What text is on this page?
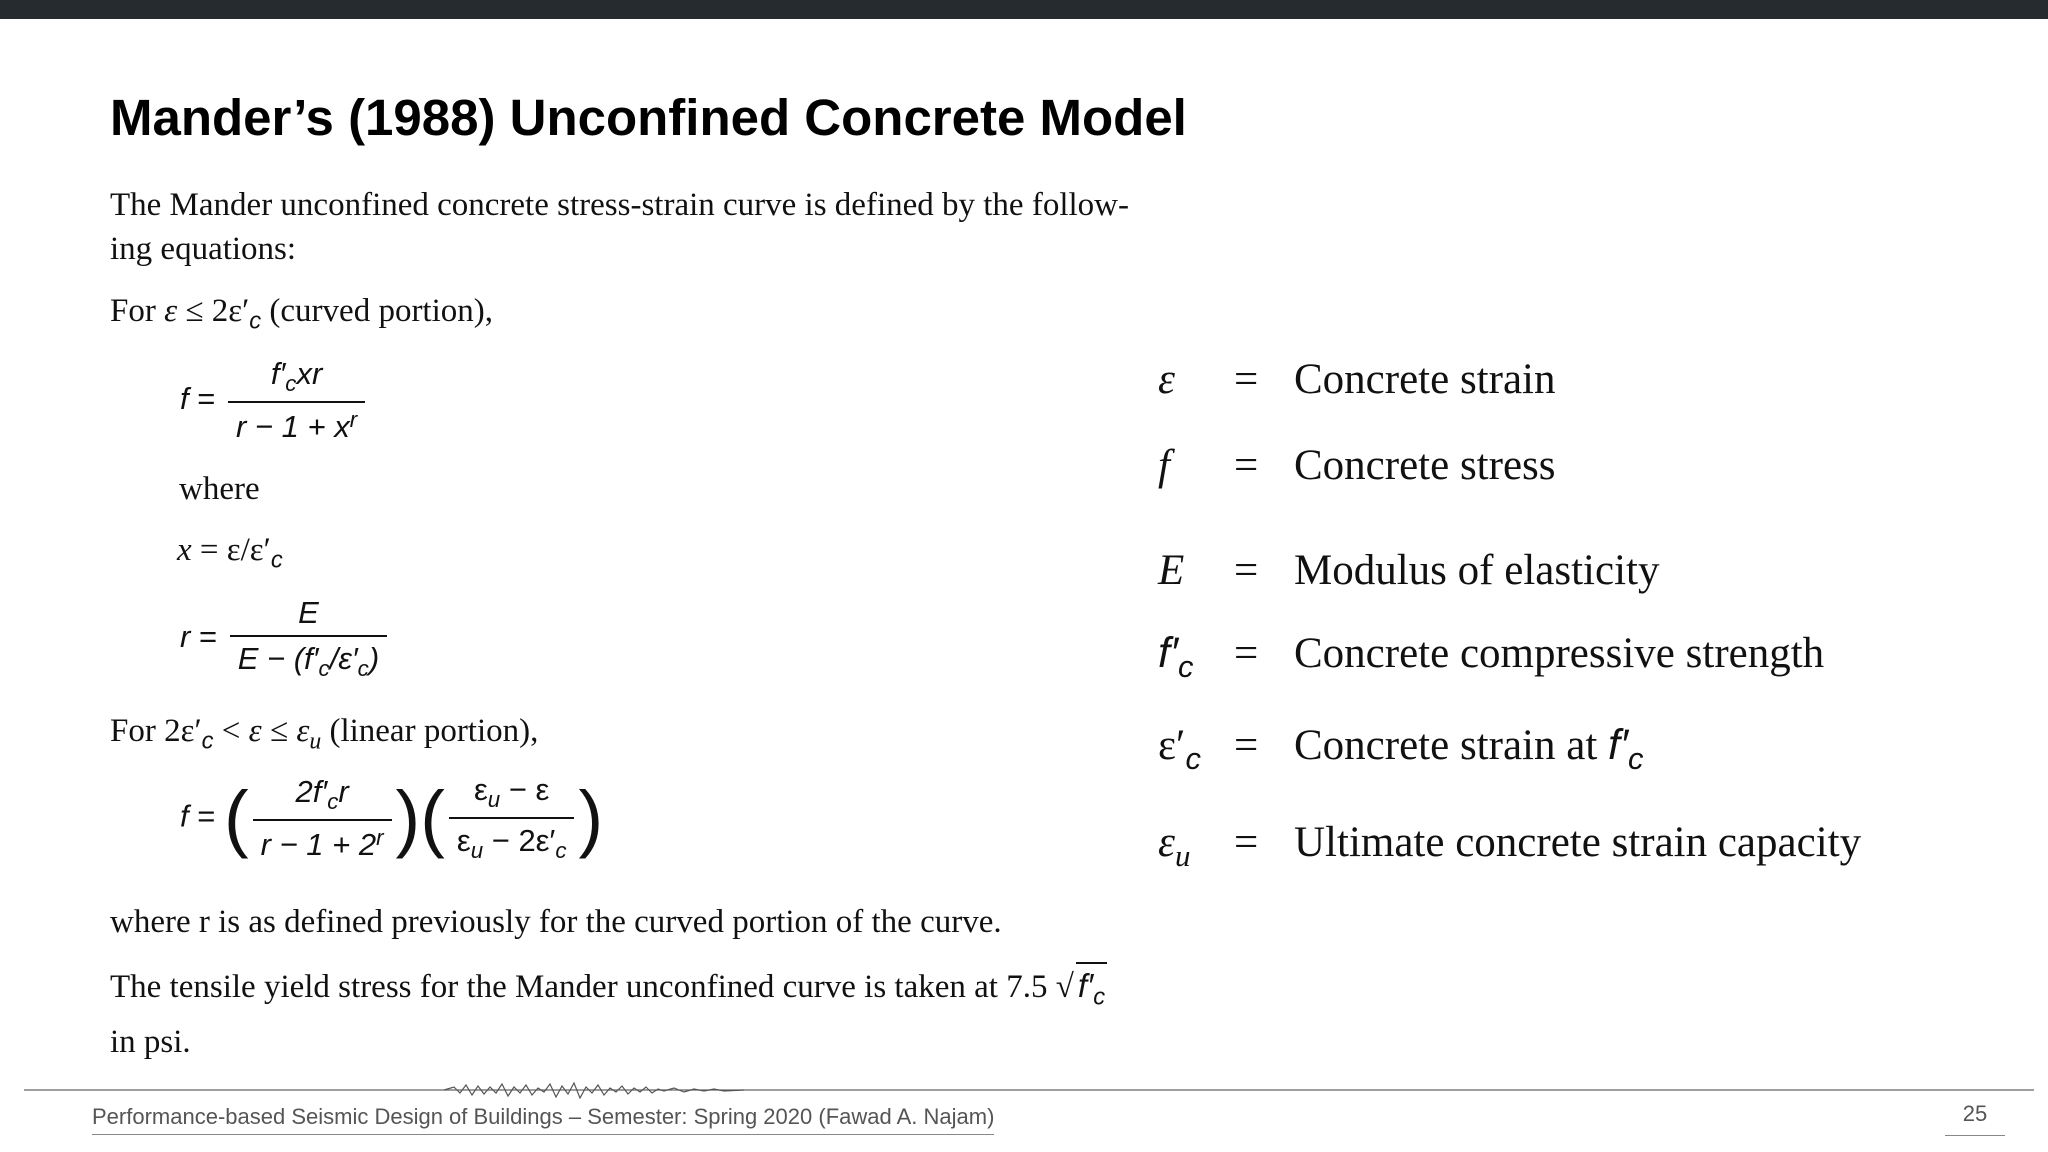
Mander’s (1988) Unconfined Concrete Model
The Mander unconfined concrete stress-strain curve is defined by the follow-
ing equations:
For $\varepsilon \le 2\varepsilon'_c$ (curved portion),
$f = \frac{f'_cxr}{r - 1 + x^r}$
where
$x = \varepsilon/\varepsilon'_c$
$r = \frac{E}{E - (f'_c/\varepsilon'_c)}$
For $2\varepsilon'_c < \varepsilon \le \varepsilon_u$ (linear portion),
f = ( $\frac{2f'_cr}{r - 1 + 2^r}$ )( $\frac{\varepsilon_u - \varepsilon}{\varepsilon_u - 2\varepsilon'_c}$ )
where r is as defined previously for the curved portion of the curve.
The tensile yield stress for the Mander unconfined curve is taken at 7.5 √ $f'_c$
in psi.
ε	= Concrete strain
f	= Concrete stress
E	= Modulus of elasticity
$f'_c$ = Concrete compressive strength
$\varepsilon'_c$ = Concrete strain at $f'_c$
$\varepsilon_u$	= Ultimate concrete strain capacity
Performance-based Seismic Design of Buildings – Semester: Spring 2020 (Fawad A. Najam)	25
